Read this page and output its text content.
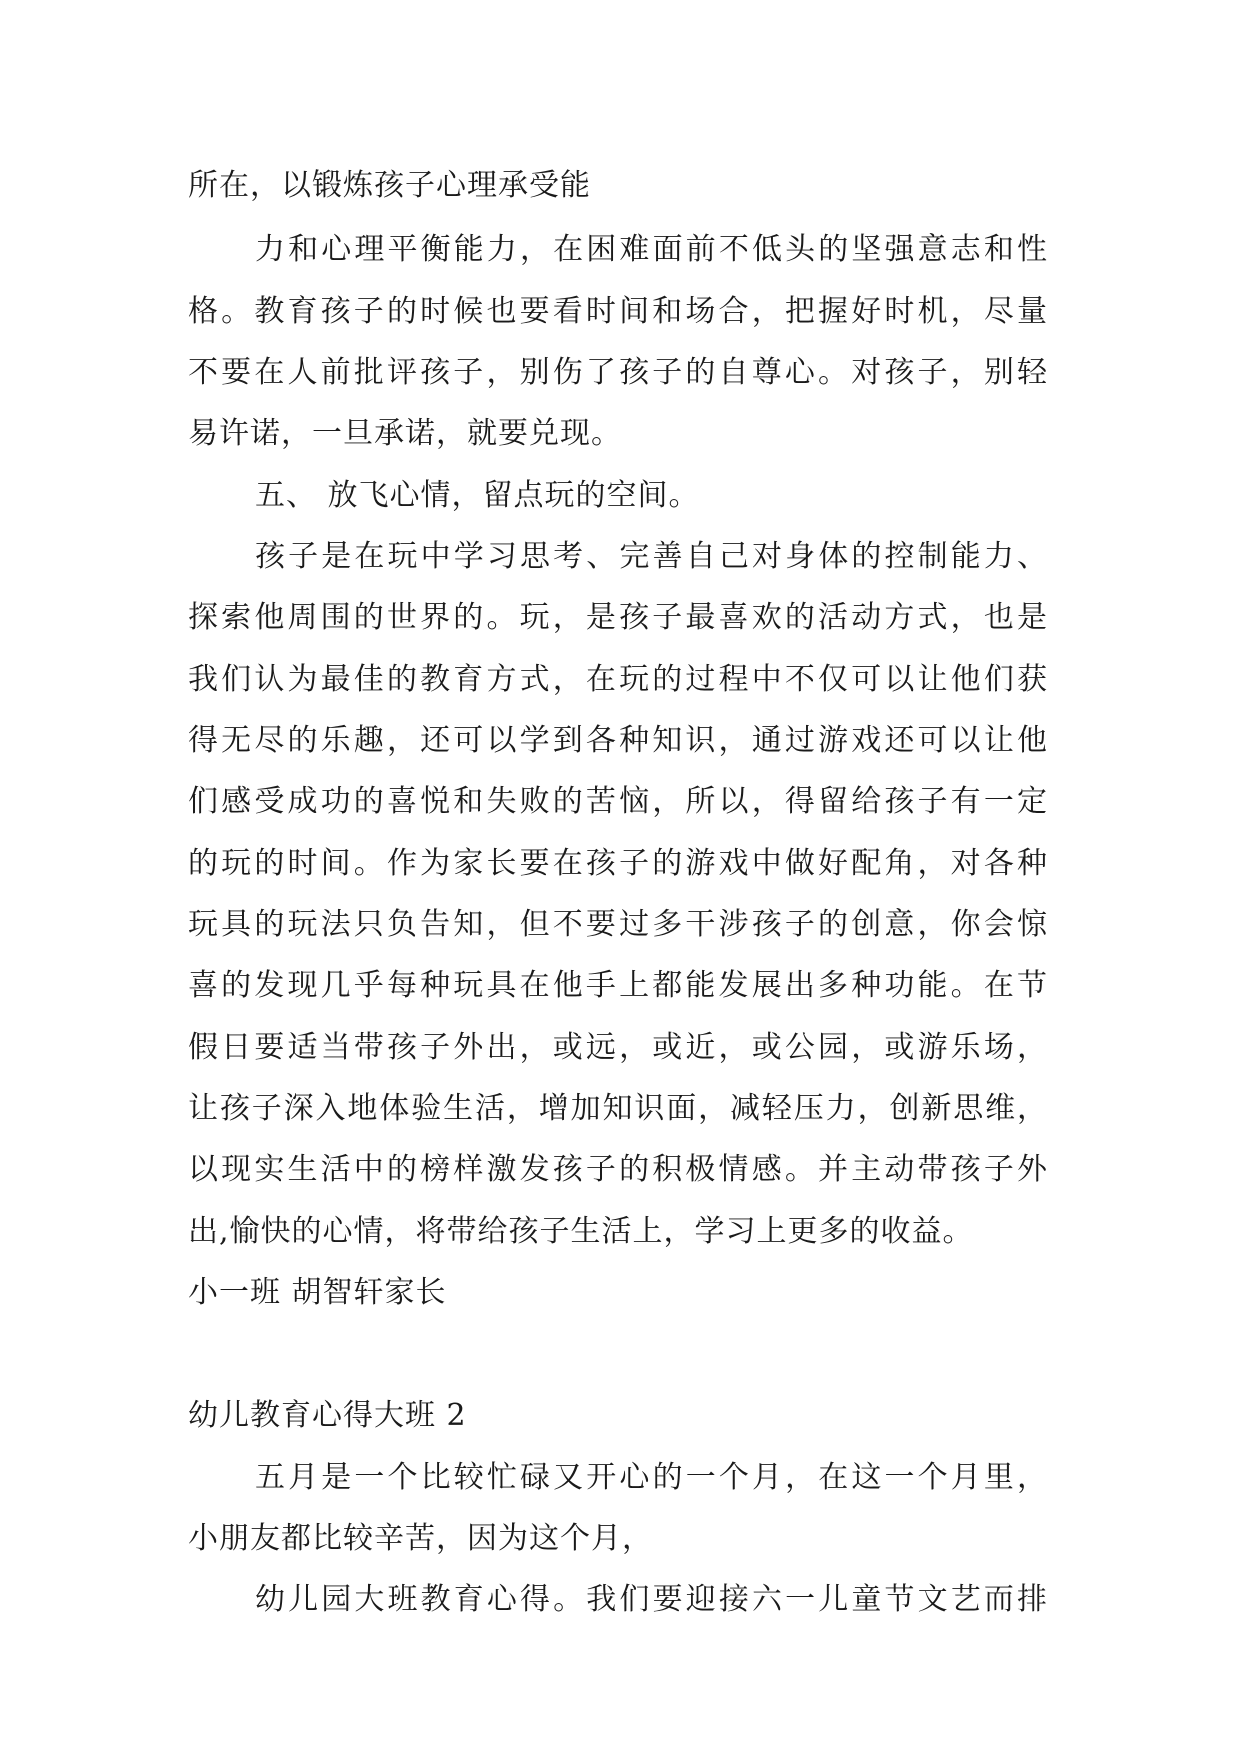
所在，以锻炼孩子心理承受能
力和心理平衡能力，在困难面前不低头的坚强意志和性
格。教育孩子的时候也要看时间和场合，把握好时机，尽量
不要在人前批评孩子，别伤了孩子的自尊心。对孩子，别轻
易许诺，一旦承诺，就要兑现。
五、 放飞心情，留点玩的空间。
孩子是在玩中学习思考、完善自己对身体的控制能力、
探索他周围的世界的。玩，是孩子最喜欢的活动方式，也是
我们认为最佳的教育方式，在玩的过程中不仅可以让他们获
得无尽的乐趣，还可以学到各种知识，通过游戏还可以让他
们感受成功的喜悦和失败的苦恼，所以，得留给孩子有一定
的玩的时间。作为家长要在孩子的游戏中做好配角，对各种
玩具的玩法只负告知，但不要过多干涉孩子的创意，你会惊
喜的发现几乎每种玩具在他手上都能发展出多种功能。在节
假日要适当带孩子外出，或远，或近，或公园，或游乐场，
让孩子深入地体验生活，增加知识面，减轻压力，创新思维，
以现实生活中的榜样激发孩子的积极情感。并主动带孩子外
出,愉快的心情，将带给孩子生活上，学习上更多的收益。
小一班 胡智轩家长
幼儿教育心得大班 2
五月是一个比较忙碌又开心的一个月，在这一个月里，
小朋友都比较辛苦，因为这个月，
幼儿园大班教育心得。我们要迎接六一儿童节文艺而排
